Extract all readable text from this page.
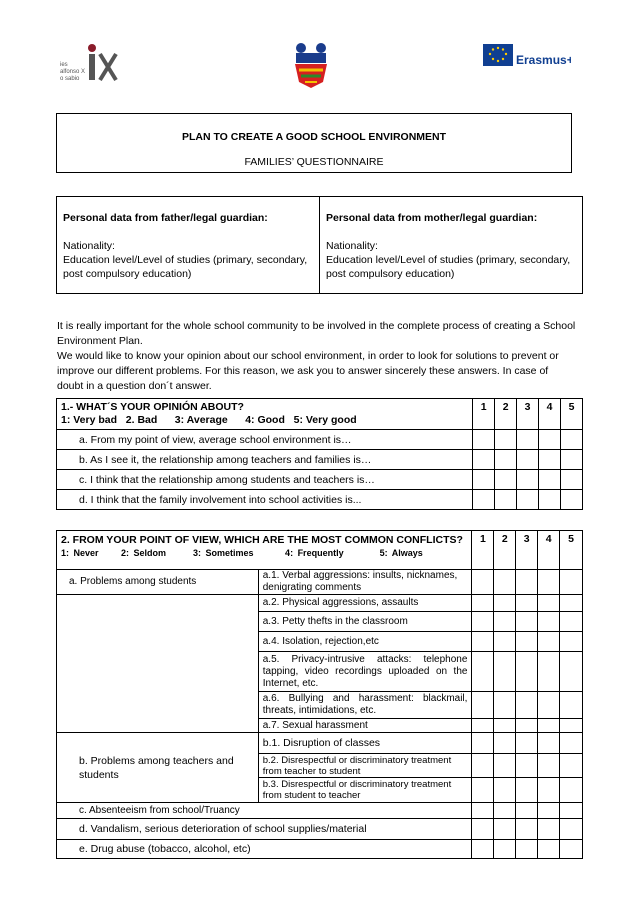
ies
alfonso X
o sabio
Erasmus+
PLAN TO CREATE A GOOD SCHOOL ENVIRONMENT
FAMILIES’ QUESTIONNAIRE
Personal data from father/legal guardian:
Nationality:
Education level/Level of studies (primary, secondary, post compulsory education)
Personal data from mother/legal guardian:
Nationality:
Education level/Level of studies (primary, secondary, post compulsory education)
It is really important for the whole school community to be involved in the complete process of creating a School Environment Plan.
We would like to know your opinion about our school environment, in order to look for solutions to prevent or improve our different problems. For this reason, we ask you to answer sincerely these answers. In case of doubt in a question don´t answer.
1.- WHAT´S YOUR OPINIÓN ABOUT?
1: Very bad   2. Bad      3: Average      4: Good   5: Very good	1	2	3	4	5
a. From my point of view, average school environment is…					
b. As I see it, the relationship among teachers and families is…					
c. I think that the relationship among students and teachers is…					
d. I think that the family involvement into school activities is...					
2. FROM YOUR POINT OF VIEW, WHICH ARE THE MOST COMMON CONFLICTS?
1: Never     2: Seldom      3: Sometimes       4: Frequently        5: Always		1	2	3	4	5
a. Problems among students	a.1. Verbal aggressions: insults, nicknames, denigrating comments					
	a.2. Physical aggressions, assaults					
	a.3. Petty thefts in the classroom					
	a.4. Isolation, rejection,etc					
	a.5. Privacy-intrusive attacks: telephone tapping, video recordings uploaded on the Internet, etc.					
	a.6. Bullying and harassment: blackmail, threats, intimidations, etc.					
	a.7. Sexual harassment					
b. Problems among teachers and students	b.1. Disruption of classes					
	b.2. Disrespectful or discriminatory treatment from teacher to student					
	b.3. Disrespectful or discriminatory treatment from student to teacher					
c. Absenteeism from school/Truancy						
d. Vandalism, serious deterioration of school supplies/material						
e. Drug abuse (tobacco, alcohol, etc)						
